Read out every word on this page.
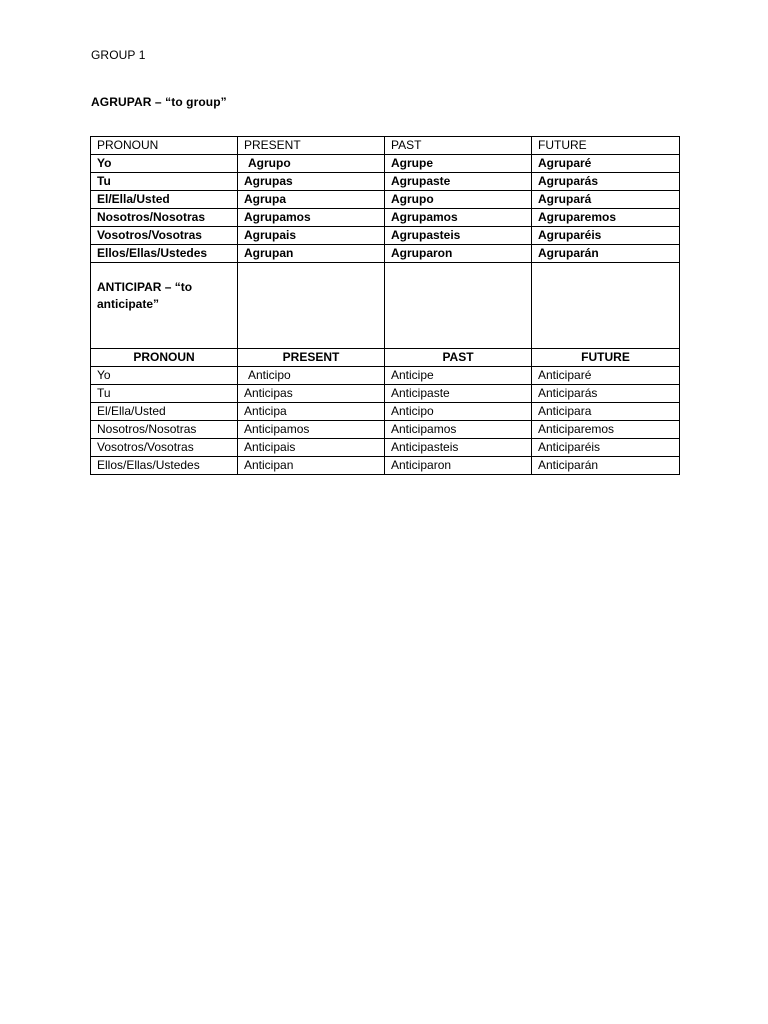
GROUP 1
AGRUPAR – “to group”
PRONOUN	PRESENT	PAST	FUTURE
Yo	Agrupo	Agrupe	Agruparé
Tu	Agrupas	Agrupaste	Agruparás
El/Ella/Usted	Agrupa	Agrupo	Agrupará
Nosotros/Nosotras	Agrupamos	Agrupamos	Agruparemos
Vosotros/Vosotras	Agrupais	Agrupasteis	Agruparéis
Ellos/Ellas/Ustedes	Agrupan	Agruparon	Agruparán
ANTICIPAR – “to anticipate”			
PRONOUN	PRESENT	PAST	FUTURE
Yo	Anticipo	Anticipe	Anticiparé
Tu	Anticipas	Anticipaste	Anticiparás
El/Ella/Usted	Anticipa	Anticipo	Anticipara
Nosotros/Nosotras	Anticipamos	Anticipamos	Anticiparemos
Vosotros/Vosotras	Anticipais	Anticipasteis	Anticiparéis
Ellos/Ellas/Ustedes	Anticipan	Anticiparon	Anticiparán
